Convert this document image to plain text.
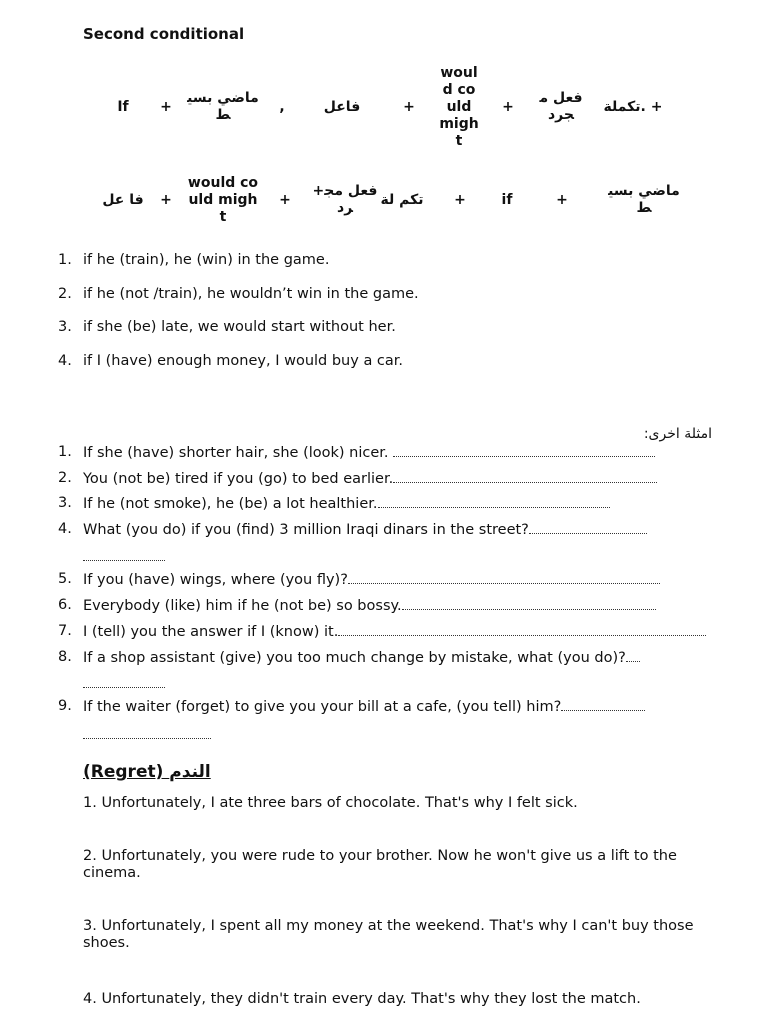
Second conditional
If	+	ماضي بسيط	,	فاعل	+	would could might	+	فعل مجرد	تكملة. +
فا عل	+	would could might	+	+فعل مجرد	تكم لة	+	if	+	ماضي بسيط
1. if he (train), he (win) in the game.
2. if he (not /train), he wouldn’t win in the game.
3. if she (be) late, we would start without her.
4. if I (have) enough money, I would buy a car.
امثلة اخرى:
1. If she (have) shorter hair, she (look) nicer.
2. You (not be) tired if you (go) to bed earlier.
3. If he (not smoke), he (be) a lot healthier.
4. What (you do) if you (find) 3 million Iraqi dinars in the street?
5. If you (have) wings, where (you fly)?
6. Everybody (like) him if he (not be) so bossy.
7. I (tell) you the answer if I (know) it.
8. If a shop assistant (give) you too much change by mistake, what (you do)?
9. If the waiter (forget) to give you your bill at a cafe, (you tell) him?
(Regret) الندم
1. Unfortunately, I ate three bars of chocolate. That's why I felt sick.
2. Unfortunately, you were rude to your brother. Now he won't give us a lift to the cinema.
3. Unfortunately, I spent all my money at the weekend. That's why I can't buy those shoes.
4. Unfortunately, they didn't train every day. That's why they lost the match.
